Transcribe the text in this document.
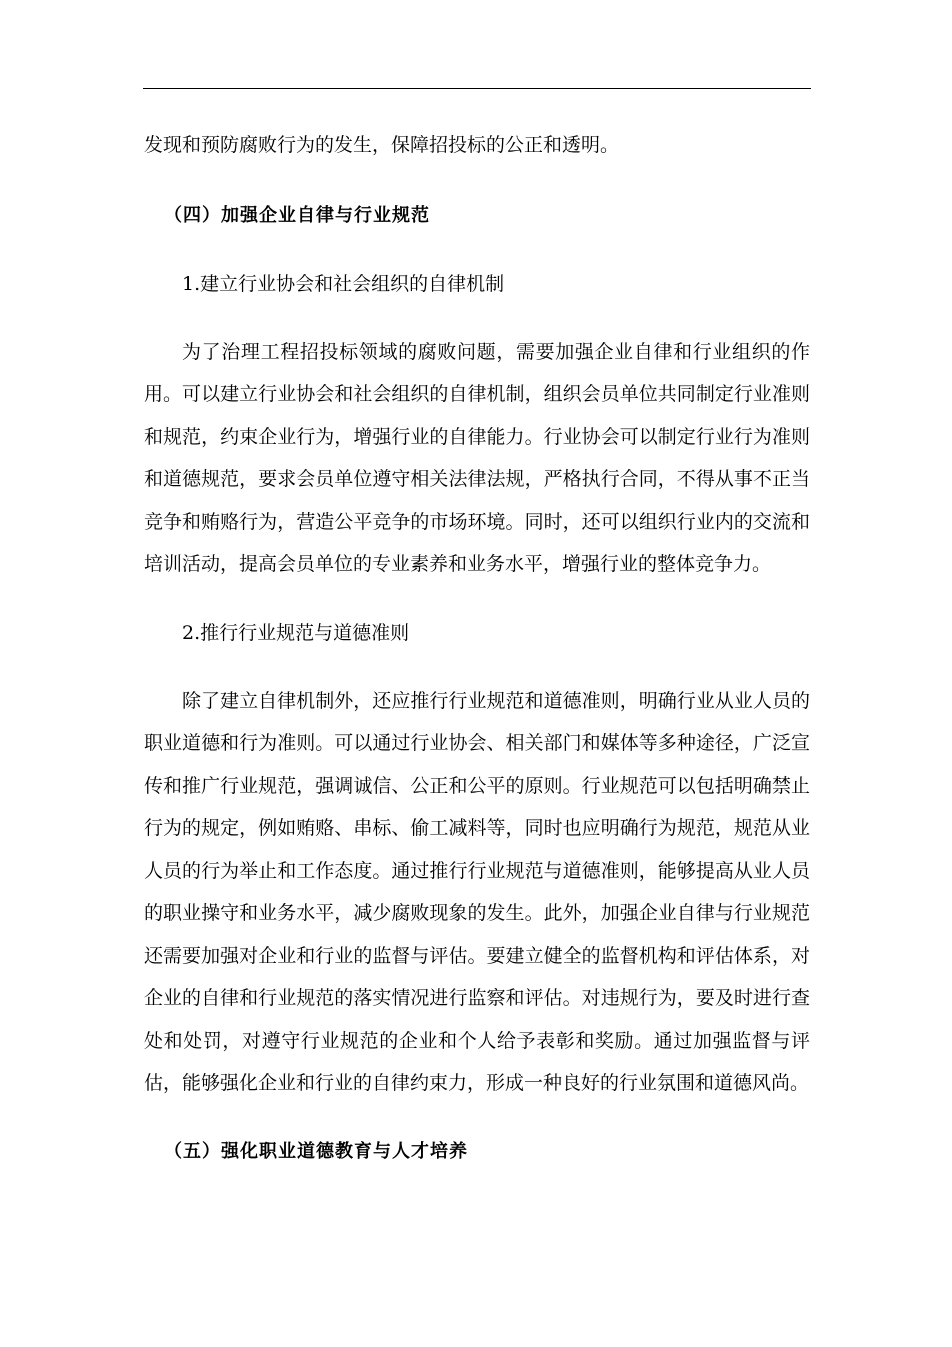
发现和预防腐败行为的发生，保障招投标的公正和透明。

（四）加强企业自律与行业规范

1.建立行业协会和社会组织的自律机制

为了治理工程招投标领域的腐败问题，需要加强企业自律和行业组织的作用。可以建立行业协会和社会组织的自律机制，组织会员单位共同制定行业准则和规范，约束企业行为，增强行业的自律能力。行业协会可以制定行业行为准则和道德规范，要求会员单位遵守相关法律法规，严格执行合同，不得从事不正当竞争和贿赂行为，营造公平竞争的市场环境。同时，还可以组织行业内的交流和培训活动，提高会员单位的专业素养和业务水平，增强行业的整体竞争力。

2.推行行业规范与道德准则

除了建立自律机制外，还应推行行业规范和道德准则，明确行业从业人员的职业道德和行为准则。可以通过行业协会、相关部门和媒体等多种途径，广泛宣传和推广行业规范，强调诚信、公正和公平的原则。行业规范可以包括明确禁止行为的规定，例如贿赂、串标、偷工减料等，同时也应明确行为规范，规范从业人员的行为举止和工作态度。通过推行行业规范与道德准则，能够提高从业人员的职业操守和业务水平，减少腐败现象的发生。此外，加强企业自律与行业规范还需要加强对企业和行业的监督与评估。要建立健全的监督机构和评估体系，对企业的自律和行业规范的落实情况进行监察和评估。对违规行为，要及时进行查处和处罚，对遵守行业规范的企业和个人给予表彰和奖励。通过加强监督与评估，能够强化企业和行业的自律约束力，形成一种良好的行业氛围和道德风尚。

（五）强化职业道德教育与人才培养
